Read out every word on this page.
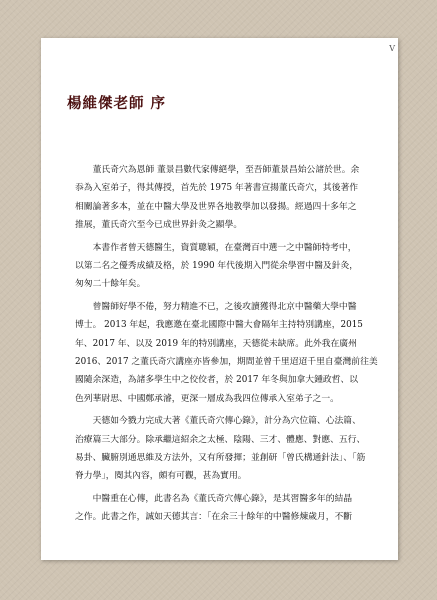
V
楊維傑老師 序
　　董氏奇穴為恩師 董景昌數代家傳絕學，至吾師董景昌始公諸於世。余
忝為入室弟子，得其傳授，首先於 1975 年著書宣揚董氏奇穴，其後著作
相關論著多本，並在中醫大學及世界各地教學加以發揚。經過四十多年之
推展，董氏奇穴至今已成世界針灸之顯學。
　　本書作者曾天德醫生，資質聰穎，在臺灣百中選一之中醫師特考中，
以第二名之優秀成績及格，於 1990 年代後期入門從余學習中醫及針灸，
匆匆二十餘年矣。
　　曾醫師好學不倦，努力精進不已，之後攻讀獲得北京中醫藥大學中醫
博士。 2013 年起，我應邀在臺北國際中醫大會隔年主持特別講座，2015
年、2017 年、以及 2019 年的特別講座，天德從未缺席。此外我在廣州
2016、2017 之董氏奇穴講座亦皆參加，期間並曾千里迢迢千里自臺灣前往美
國隨余深造，為諸多學生中之佼佼者，於 2017 年冬與加拿大鍾政哲、以
色列華尉思、中國鄭承濬，更深一層成為我四位傳承入室弟子之一。
　　天德如今戮力完成大著《董氏奇穴傳心錄》，計分為穴位篇、心法篇、
治療篇三大部分。除承繼這紹余之太極、陰陽、三才、體應、對應、五行、
易卦、臟腑別通思維及方法外，又有所發揮；並創研「曾氏構通針法」、「筋
脊力學」，閱其內容，頗有可觀，甚為實用。
　　中醫重在心傳，此書名為《董氏奇穴傳心錄》，是其習醫多年的結晶
之作。此書之作，誠如天德其言：「在余三十餘年的中醫修煉歲月，不斷
